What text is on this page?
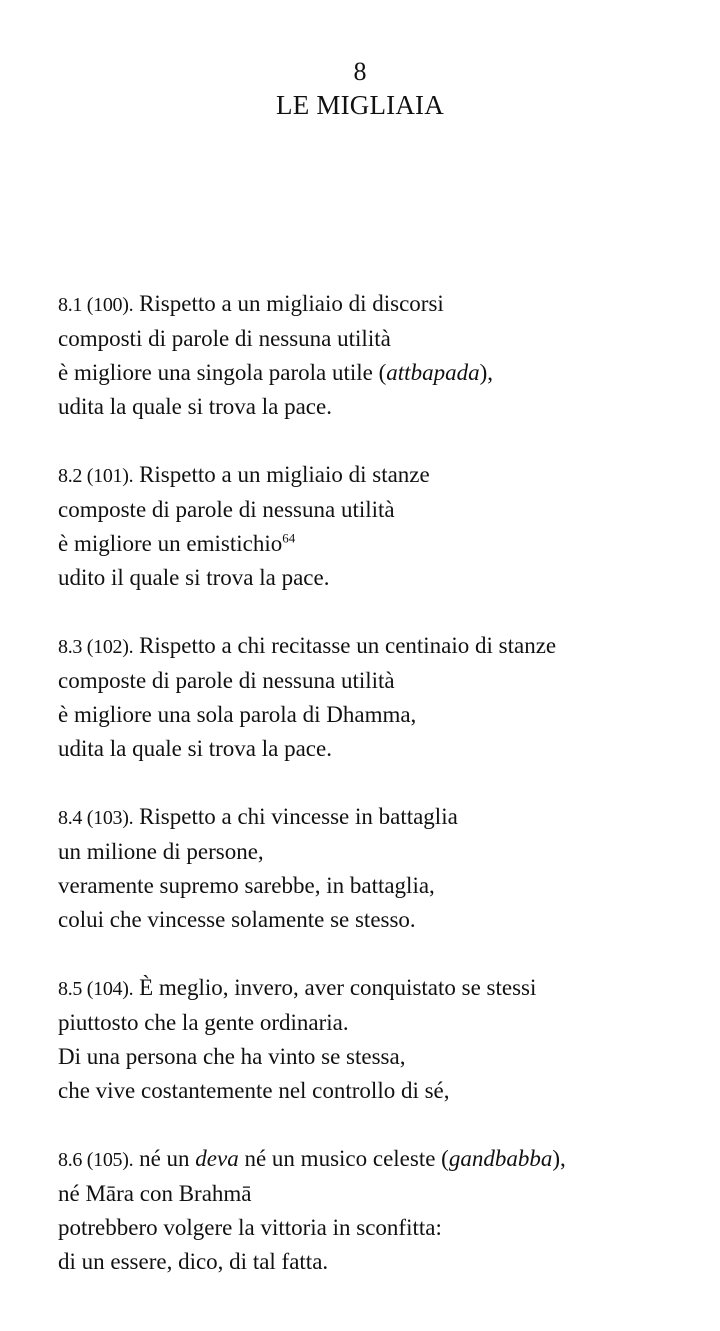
8
LE MIGLIAIA
8.1 (100). Rispetto a un migliaio di discorsi
composti di parole di nessuna utilità
è migliore una singola parola utile (attbapada),
udita la quale si trova la pace.
8.2 (101). Rispetto a un migliaio di stanze
composte di parole di nessuna utilità
è migliore un emistichio$^{64}$
udito il quale si trova la pace.
8.3 (102). Rispetto a chi recitasse un centinaio di stanze
composte di parole di nessuna utilità
è migliore una sola parola di Dhamma,
udita la quale si trova la pace.
8.4 (103). Rispetto a chi vincesse in battaglia
un milione di persone,
veramente supremo sarebbe, in battaglia,
colui che vincesse solamente se stesso.
8.5 (104). È meglio, invero, aver conquistato se stessi
piuttosto che la gente ordinaria.
Di una persona che ha vinto se stessa,
che vive costantemente nel controllo di sé,
8.6 (105). né un deva né un musico celeste (gandbabba),
né Māra con Brahmā
potrebbero volgere la vittoria in sconfitta:
di un essere, dico, di tal fatta.
